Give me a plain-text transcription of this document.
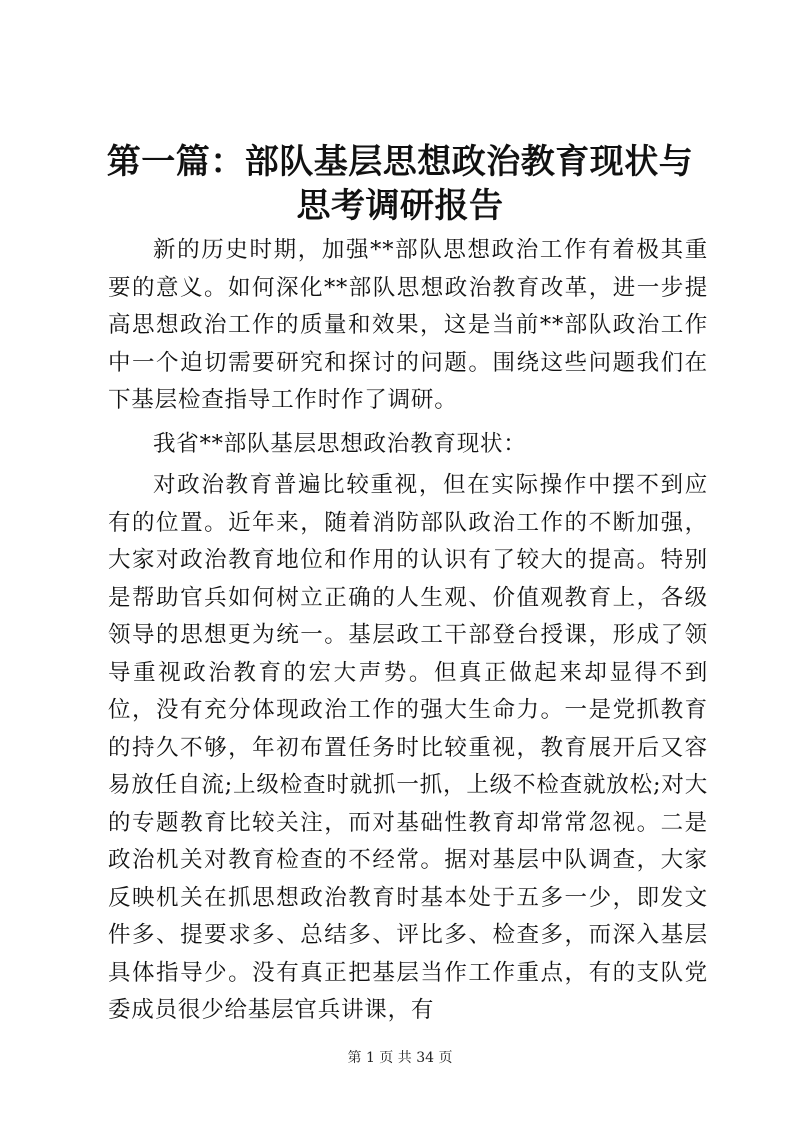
第一篇：部队基层思想政治教育现状与思考调研报告

新的历史时期，加强**部队思想政治工作有着极其重要的意义。如何深化**部队思想政治教育改革，进一步提高思想政治工作的质量和效果，这是当前**部队政治工作中一个迫切需要研究和探讨的问题。围绕这些问题我们在下基层检查指导工作时作了调研。

我省**部队基层思想政治教育现状：

对政治教育普遍比较重视，但在实际操作中摆不到应有的位置。近年来，随着消防部队政治工作的不断加强，大家对政治教育地位和作用的认识有了较大的提高。特别是帮助官兵如何树立正确的人生观、价值观教育上，各级领导的思想更为统一。基层政工干部登台授课，形成了领导重视政治教育的宏大声势。但真正做起来却显得不到位，没有充分体现政治工作的强大生命力。一是党抓教育的持久不够，年初布置任务时比较重视，教育展开后又容易放任自流;上级检查时就抓一抓，上级不检查就放松;对大的专题教育比较关注，而对基础性教育却常常忽视。二是政治机关对教育检查的不经常。据对基层中队调查，大家反映机关在抓思想政治教育时基本处于五多一少，即发文件多、提要求多、总结多、评比多、检查多，而深入基层具体指导少。没有真正把基层当作工作重点，有的支队党委成员很少给基层官兵讲课，有

第 1 页 共 34 页
